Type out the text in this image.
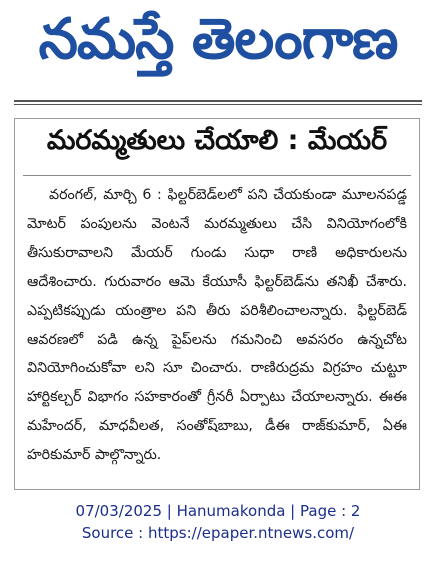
నమస్తే తెలంగాణ
మరమ్మతులు చేయాలి : మేయర్

వరంగల్, మార్చి 6 : ఫిల్టర్‌బెడ్‌లలో పని చేయకుండా మూలనపడ్డ మోటర్ పంపులను వెంటనే మరమ్మతులు చేసి వినియోగంలోకి తీసుకురావాలని మేయర్ గుండు సుధా రాణి అధికారులను ఆదేశించారు. గురువారం ఆమె కేయూసీ ఫిల్టర్‌బెడ్‌ను తనిఖీ చేశారు. ఎప్పటికప్పుడు యంత్రాల పని తీరు పరిశీలించాలన్నారు. ఫిల్టర్‌బెడ్ ఆవరణలో పడి ఉన్న పైప్‌లను గమనించి అవసరం ఉన్నచోట వినియోగించుకోవా లని సూ చించారు. రాణిరుద్రమ విగ్రహం చుట్టూ హార్టికల్చర్ విభాగం సహకారంతో గ్రీనరీ ఏర్పాటు చేయాలన్నారు. ఈఈ మహేందర్, మాధవీలత, సంతోష్‌బాబు, డీఈ రాజ్‌కుమార్, ఏఈ హరికుమార్ పాల్గొన్నారు.

07/03/2025 | Hanumakonda | Page : 2
Source : https://epaper.ntnews.com/
